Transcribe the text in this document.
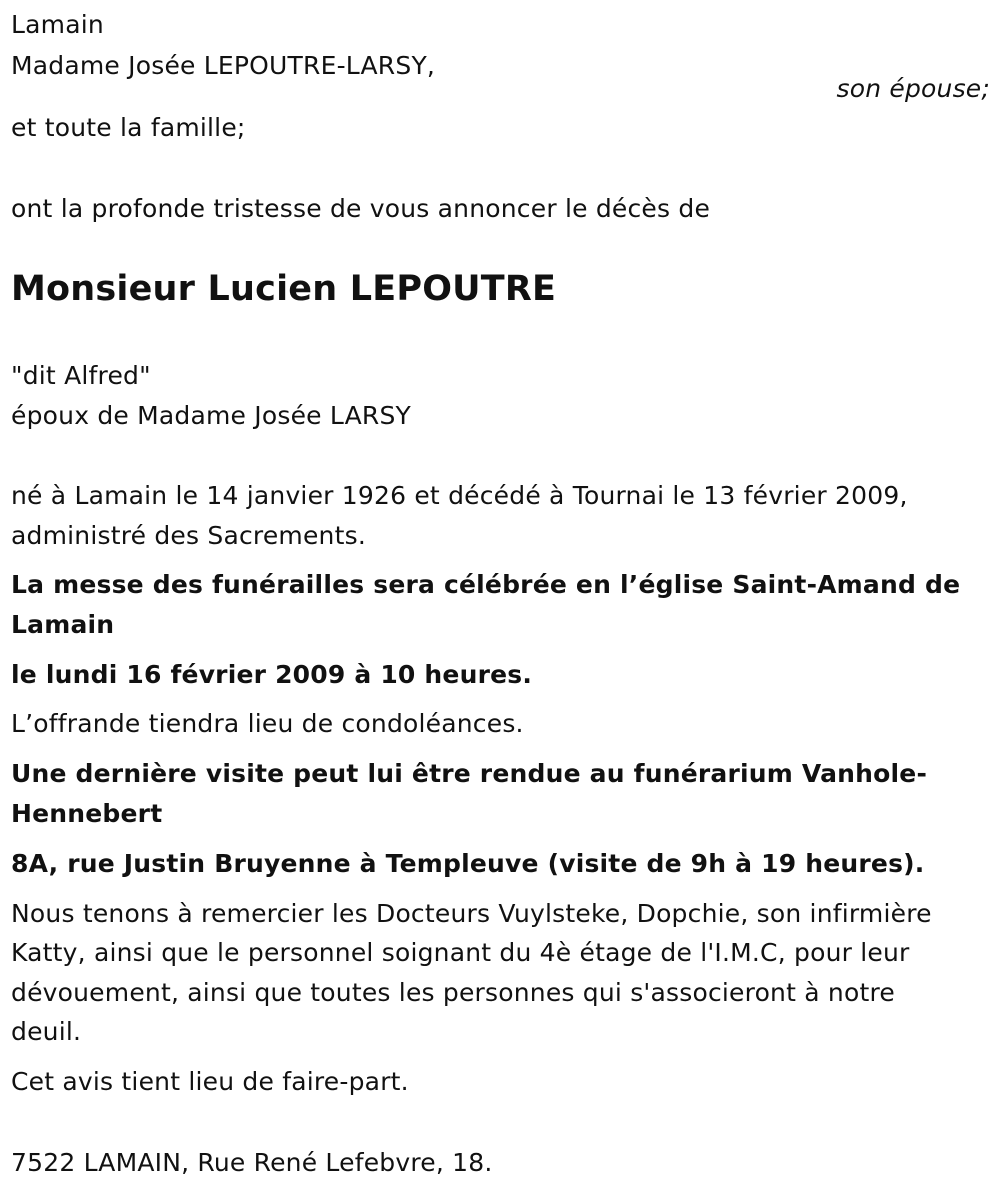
Lamain
Madame Josée LEPOUTRE-LARSY,
son épouse;
et toute la famille;
ont la profonde tristesse de vous annoncer le décès de
Monsieur Lucien LEPOUTRE
"dit Alfred"
époux de Madame Josée LARSY
né à Lamain le 14 janvier 1926 et décédé à Tournai le 13 février 2009,
administré des Sacrements.
La messe des funérailles sera célébrée en l’église Saint-Amand de
Lamain
le lundi 16 février 2009 à 10 heures.
L’offrande tiendra lieu de condoléances.
Une dernière visite peut lui être rendue au funérarium Vanhole-
Hennebert
8A, rue Justin Bruyenne à Templeuve (visite de 9h à 19 heures).
Nous tenons à remercier les Docteurs Vuylsteke, Dopchie, son infirmière
Katty, ainsi que le personnel soignant du 4è étage de l'I.M.C, pour leur
dévouement, ainsi que toutes les personnes qui s'associeront à notre
deuil.
Cet avis tient lieu de faire-part.
7522 LAMAIN, Rue René Lefebvre, 18.
